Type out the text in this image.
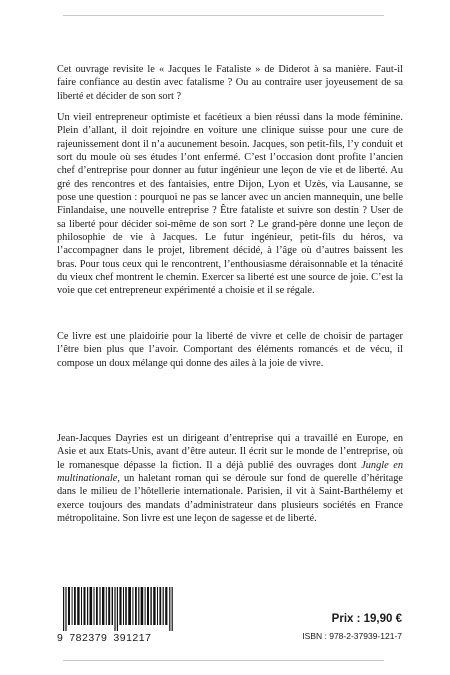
Cet ouvrage revisite le « Jacques le Fataliste » de Diderot à sa manière. Faut-il faire confiance au destin avec fatalisme ? Ou au contraire user joyeusement de sa liberté et décider de son sort ?

Un vieil entrepreneur optimiste et facétieux a bien réussi dans la mode féminine. Plein d’allant, il doit rejoindre en voiture une clinique suisse pour une cure de rajeunissement dont il n’a aucunement besoin. Jacques, son petit-fils, l’y conduit et sort du moule où ses études l’ont enfermé. C’est l’occasion dont profite l’ancien chef d’entreprise pour donner au futur ingénieur une leçon de vie et de liberté. Au gré des rencontres et des fantaisies, entre Dijon, Lyon et Uzès, via Lausanne, se pose une question : pourquoi ne pas se lancer avec un ancien mannequin, une belle Finlandaise, une nouvelle entreprise ? Être fataliste et suivre son destin ? User de sa liberté pour décider soi-même de son sort ? Le grand-père donne une leçon de philosophie de vie à Jacques. Le futur ingénieur, petit-fils du héros, va l’accompagner dans le projet, librement décidé, à l’âge où d’autres baissent les bras. Pour tous ceux qui le rencontrent, l’enthousiasme déraisonnable et la ténacité du vieux chef montrent le chemin. Exercer sa liberté est une source de joie. C’est la voie que cet entrepreneur expérimenté a choisie et il se régale.

Ce livre est une plaidoirie pour la liberté de vivre et celle de choisir de partager l’être bien plus que l’avoir. Comportant des éléments romancés et de vécu, il compose un doux mélange qui donne des ailes à la joie de vivre.

Jean-Jacques Dayries est un dirigeant d’entreprise qui a travaillé en Europe, en Asie et aux Etats-Unis, avant d’être auteur. Il écrit sur le monde de l’entreprise, où le romanesque dépasse la fiction. Il a déjà publié des ouvrages dont Jungle en multinationale, un haletant roman qui se déroule sur fond de querelle d’héritage dans le milieu de l’hôtellerie internationale. Parisien, il vit à Saint-Barthélemy et exerce toujours des mandats d’administrateur dans plusieurs sociétés en France métropolitaine. Son livre est une leçon de sagesse et de liberté.

9 782379 391217
Prix : 19,90 €
ISBN : 978-2-37939-121-7
